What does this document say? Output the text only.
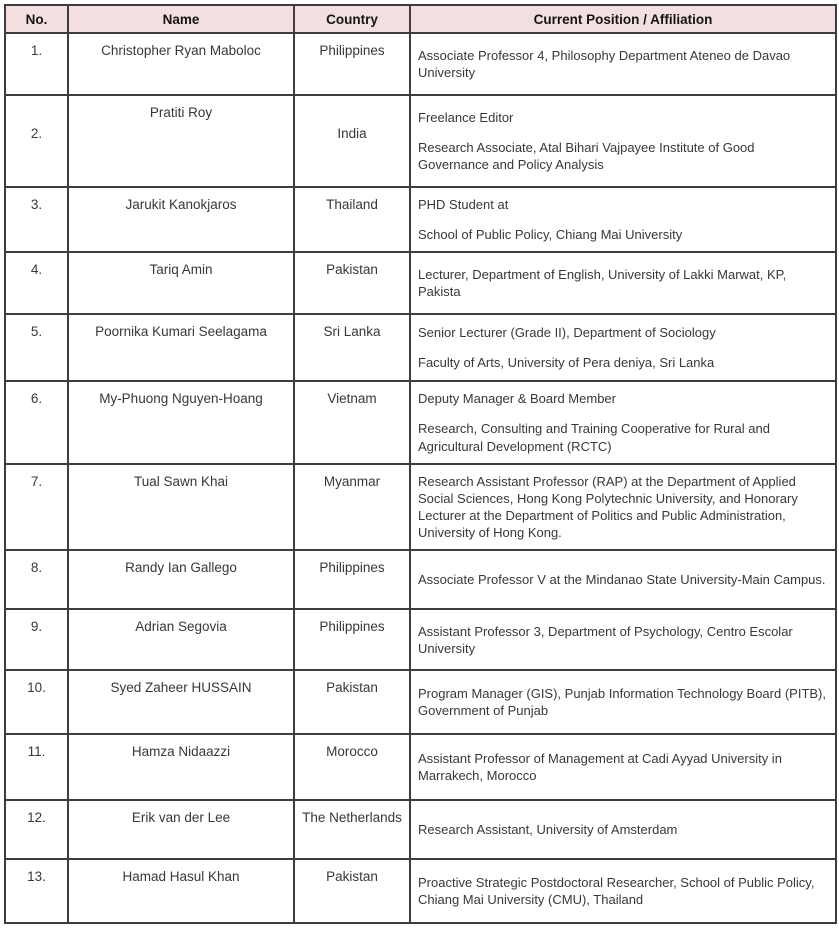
No.	Name	Country	Current Position / Affiliation
1.	Christopher Ryan Maboloc	Philippines	Associate Professor 4, Philosophy Department Ateneo de Davao University

2.	Pratiti Roy	India	Freelance Editor
Research Associate, Atal Bihari Vajpayee Institute of Good Governance and Policy Analysis

3.	Jarukit Kanokjaros	Thailand	PHD Student at
School of Public Policy, Chiang Mai University

4.	Tariq Amin	Pakistan	Lecturer, Department of English, University of Lakki Marwat, KP, Pakista

5.	Poornika Kumari Seelagama	Sri Lanka	Senior Lecturer (Grade II), Department of Sociology
Faculty of Arts, University of Pera deniya, Sri Lanka

6.	My-Phuong Nguyen-Hoang	Vietnam	Deputy Manager & Board Member
Research, Consulting and Training Cooperative for Rural and Agricultural Development (RCTC)

7.	Tual Sawn Khai	Myanmar	Research Assistant Professor (RAP) at the Department of Applied Social Sciences, Hong Kong Polytechnic University, and Honorary Lecturer at the Department of Politics and Public Administration, University of Hong Kong.

8.	Randy Ian Gallego	Philippines	Associate Professor V at the Mindanao State University-Main Campus.

9.	Adrian Segovia	Philippines	Assistant Professor 3, Department of Psychology, Centro Escolar University

10.	Syed Zaheer HUSSAIN	Pakistan	Program Manager (GIS), Punjab Information Technology Board (PITB), Government of Punjab

11.	Hamza Nidaazzi	Morocco	Assistant Professor of Management at Cadi Ayyad University in Marrakech, Morocco

12.	Erik van der Lee	The Netherlands	Research Assistant, University of Amsterdam

13.	Hamad Hasul Khan	Pakistan	Proactive Strategic Postdoctoral Researcher, School of Public Policy, Chiang Mai University (CMU), Thailand
